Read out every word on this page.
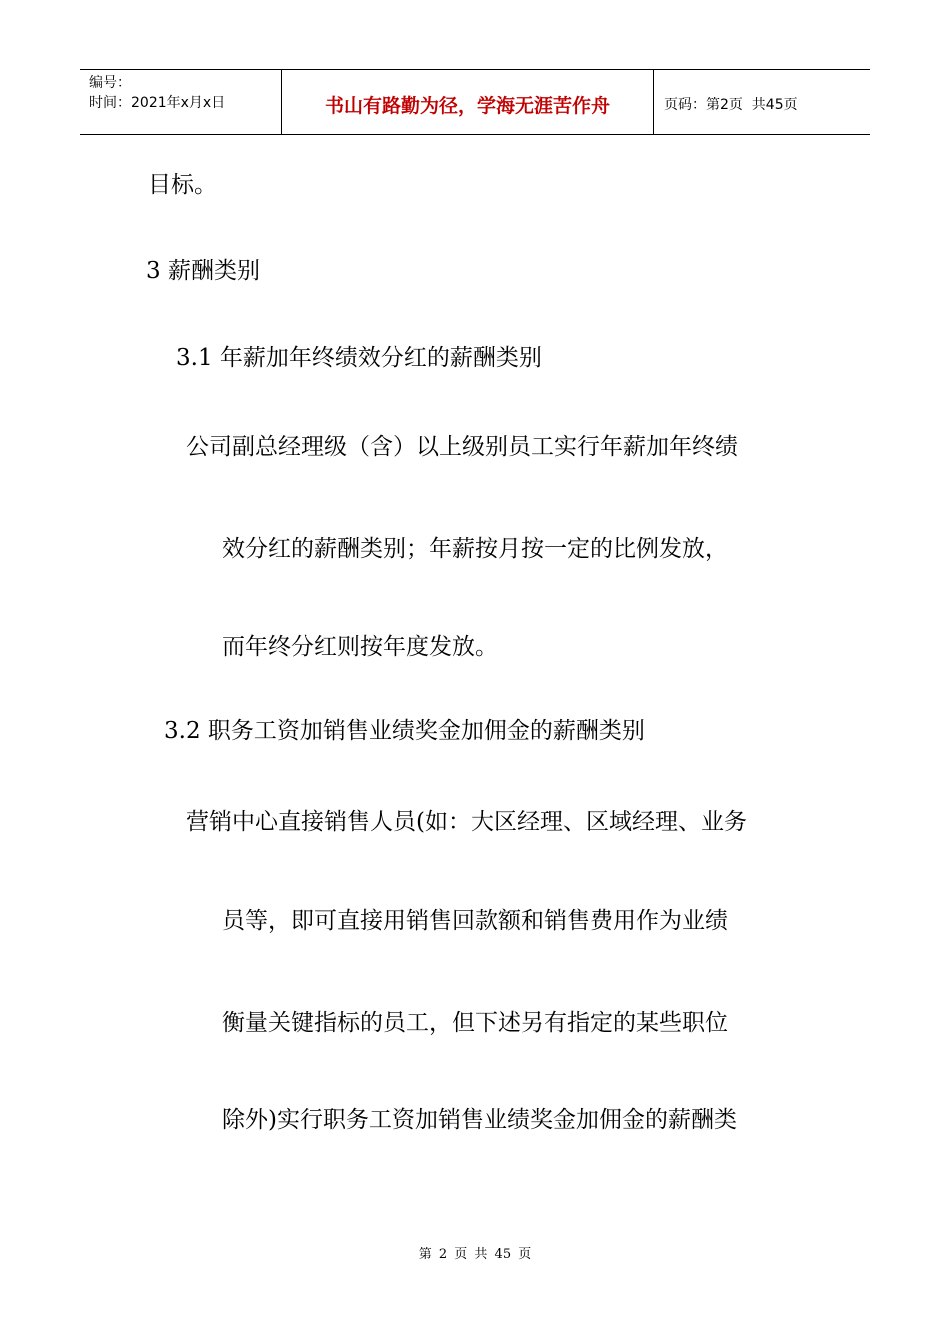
编号：
时间：2021年x月x日	书山有路勤为径，学海无涯苦作舟	页码：第2页  共45页
目标。
3 薪酬类别
3.1 年薪加年终绩效分红的薪酬类别
公司副总经理级（含）以上级别员工实行年薪加年终绩
效分红的薪酬类别；年薪按月按一定的比例发放，
而年终分红则按年度发放。
3.2 职务工资加销售业绩奖金加佣金的薪酬类别
营销中心直接销售人员(如：大区经理、区域经理、业务
员等，即可直接用销售回款额和销售费用作为业绩
衡量关键指标的员工，但下述另有指定的某些职位
除外)实行职务工资加销售业绩奖金加佣金的薪酬类
第 2 页 共 45 页
